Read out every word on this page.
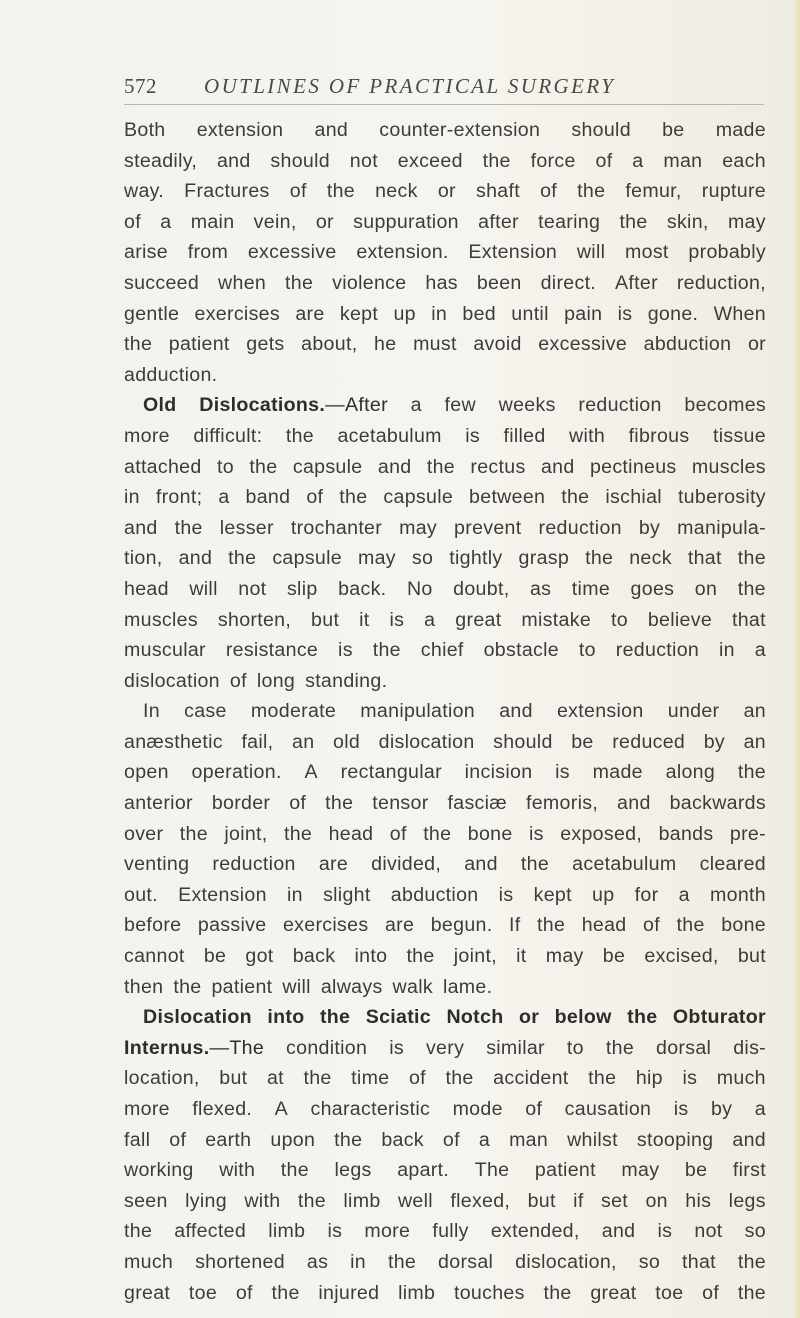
572 OUTLINES OF PRACTICAL SURGERY
Both extension and counter-extension should be made
steadily, and should not exceed the force of a man each
way. Fractures of the neck or shaft of the femur, rupture
of a main vein, or suppuration after tearing the skin, may
arise from excessive extension. Extension will most probably
succeed when the violence has been direct. After reduction,
gentle exercises are kept up in bed until pain is gone. When
the patient gets about, he must avoid excessive abduction or
adduction.
Old Dislocations.—After a few weeks reduction becomes
more difficult: the acetabulum is filled with fibrous tissue
attached to the capsule and the rectus and pectineus muscles
in front; a band of the capsule between the ischial tuberosity
and the lesser trochanter may prevent reduction by manipula-
tion, and the capsule may so tightly grasp the neck that the
head will not slip back. No doubt, as time goes on the
muscles shorten, but it is a great mistake to believe that
muscular resistance is the chief obstacle to reduction in a
dislocation of long standing.
In case moderate manipulation and extension under an
anæsthetic fail, an old dislocation should be reduced by an
open operation. A rectangular incision is made along the
anterior border of the tensor fasciæ femoris, and backwards
over the joint, the head of the bone is exposed, bands pre-
venting reduction are divided, and the acetabulum cleared
out. Extension in slight abduction is kept up for a month
before passive exercises are begun. If the head of the bone
cannot be got back into the joint, it may be excised, but
then the patient will always walk lame.
Dislocation into the Sciatic Notch or below the Obturator
Internus.—The condition is very similar to the dorsal dis-
location, but at the time of the accident the hip is much
more flexed. A characteristic mode of causation is by a
fall of earth upon the back of a man whilst stooping and
working with the legs apart. The patient may be first
seen lying with the limb well flexed, but if set on his legs
the affected limb is more fully extended, and is not so
much shortened as in the dorsal dislocation, so that the
great toe of the injured limb touches the great toe of the
